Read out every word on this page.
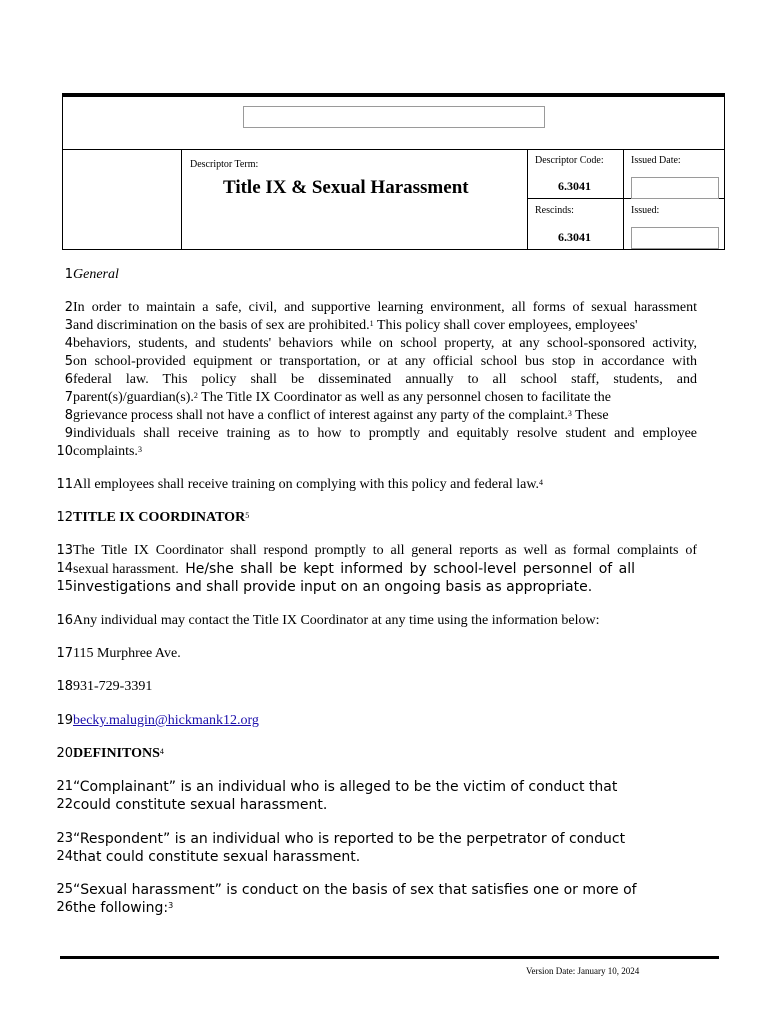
Descriptor Term:
Title IX & Sexual Harassment
Descriptor Code:
6.3041
Issued Date:
Rescinds:
6.3041
Issued:
1 General
2 In order to maintain a safe, civil, and supportive learning environment, all forms of sexual harassment
3 and discrimination on the basis of sex are prohibited.$^1$ This policy shall cover employees, employees'
4 behaviors, students, and students' behaviors while on school property, at any school-sponsored activity,
5 on school-provided equipment or transportation, or at any official school bus stop in accordance with
6 federal law. This policy shall be disseminated annually to all school staff, students, and
7 parent(s)/guardian(s).$^2$ The Title IX Coordinator as well as any personnel chosen to facilitate the
8 grievance process shall not have a conflict of interest against any party of the complaint.$^3$ These
9 individuals shall receive training as to how to promptly and equitably resolve student and employee
10 complaints.$^3$
11 All employees shall receive training on complying with this policy and federal law.$^4$
12 TITLE IX COORDINATOR$^5$
13 The Title IX Coordinator shall respond promptly to all general reports as well as formal complaints of
14 sexual harassment. He/she shall be kept informed by school-level personnel of all
15 investigations and shall provide input on an ongoing basis as appropriate.
16 Any individual may contact the Title IX Coordinator at any time using the information below:
17 115 Murphree Ave.
18 931-729-3391
19 becky.malugin@hickmank12.org
20 DEFINITONS$^4$
21 “Complainant” is an individual who is alleged to be the victim of conduct that
22 could constitute sexual harassment.
23 “Respondent” is an individual who is reported to be the perpetrator of conduct
24 that could constitute sexual harassment.
25 “Sexual harassment” is conduct on the basis of sex that satisfies one or more of
26 the following:$^3$
Version Date: January 10, 2024
